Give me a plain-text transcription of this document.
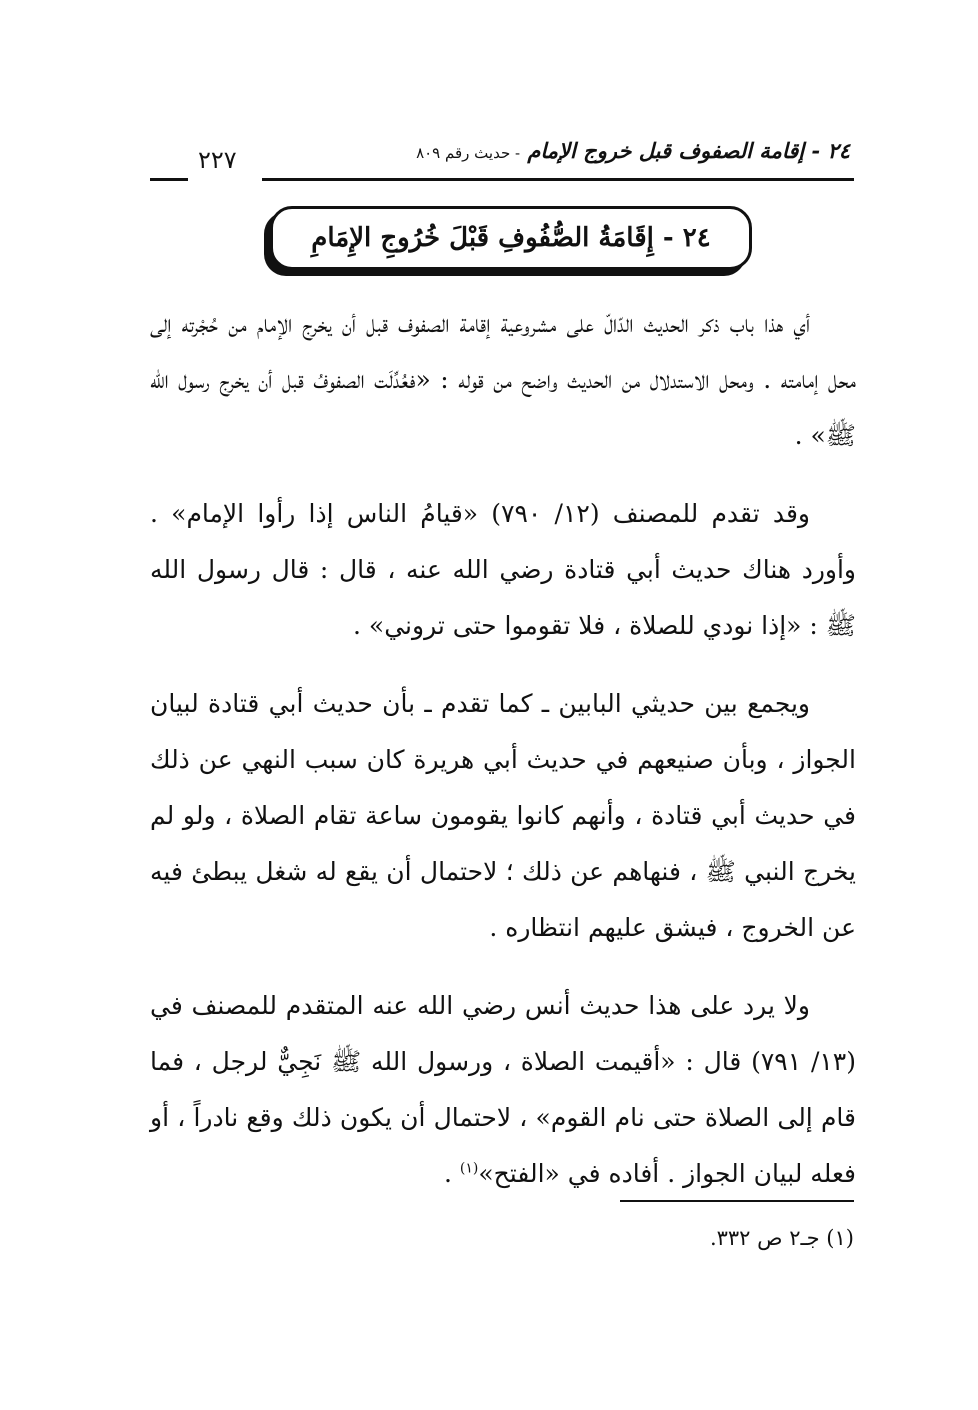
٢٤ - إقامة الصفوف قبل خروج الإمام - حديث رقم ٨٠٩
٢٢٧
٢٤ - إِقَامَةُ الصُّفُوفِ قَبْلَ خُرُوجِ الإِمَامِ

أي هذا باب ذكر الحديث الدّالّ على مشروعية إقامة الصفوف قبل أن يخرج الإمام من حُجْرته إلى محل إمامته . ومحل الاستدلال من الحديث واضح من قوله : «فعُدِّلَت الصفوفُ قبل أن يخرج رسول الله ﷺ» .

وقد تقدم للمصنف (١٢/ ٧٩٠) «قيامُ الناس إذا رأوا الإمام» . وأورد هناك حديث أبي قتادة رضي الله عنه ، قال : قال رسول الله ﷺ : «إذا نودي للصلاة ، فلا تقوموا حتى تروني» .

ويجمع بين حديثي البابين ـ كما تقدم ـ بأن حديث أبي قتادة لبيان الجواز ، وبأن صنيعهم في حديث أبي هريرة كان سبب النهي عن ذلك في حديث أبي قتادة ، وأنهم كانوا يقومون ساعة تقام الصلاة ، ولو لم يخرج النبي ﷺ ، فنهاهم عن ذلك ؛ لاحتمال أن يقع له شغل يبطئ فيه عن الخروج ، فيشق عليهم انتظاره .

ولا يرد على هذا حديث أنس رضي الله عنه المتقدم للمصنف في (١٣/ ٧٩١) قال : «أقيمت الصلاة ، ورسول الله ﷺ نَجِيٌّ لرجل ، فما قام إلى الصلاة حتى نام القوم» ، لاحتمال أن يكون ذلك وقع نادراً ، أو فعله لبيان الجواز . أفاده في «الفتح»$^{(١)}$ .

(١) جـ٢ ص ٣٣٢.
